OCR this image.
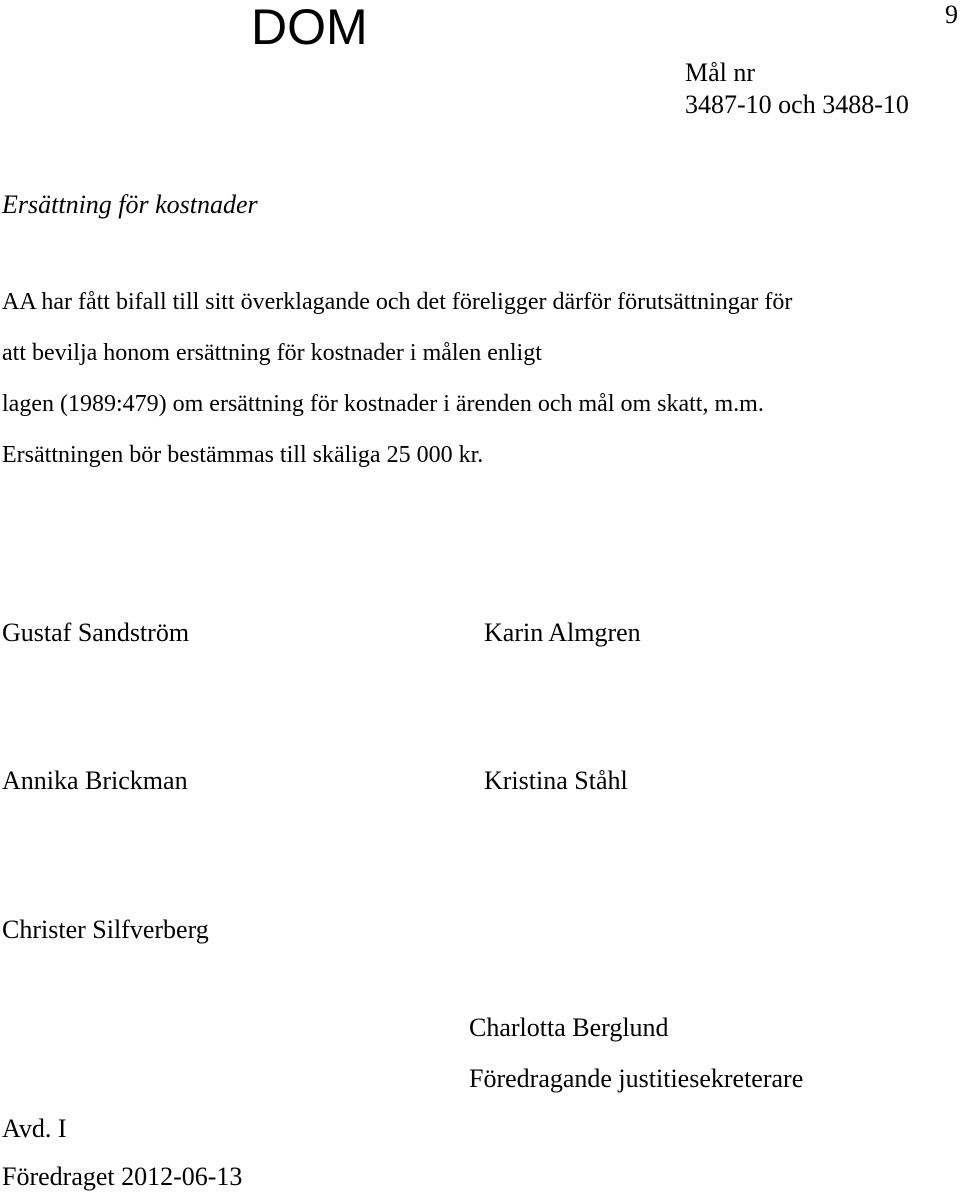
9
DOM
Mål nr
3487-10 och 3488-10
Ersättning för kostnader
AA har fått bifall till sitt överklagande och det föreligger därför förutsättningar för
att bevilja honom ersättning för kostnader i målen enligt
lagen (1989:479) om ersättning för kostnader i ärenden och mål om skatt, m.m.
Ersättningen bör bestämmas till skäliga 25 000 kr.
Gustaf Sandström	Karin Almgren
Annika Brickman	Kristina Ståhl
Christer Silfverberg
Charlotta Berglund
Föredragande justitiesekreterare
Avd. I
Föredraget 2012-06-13
